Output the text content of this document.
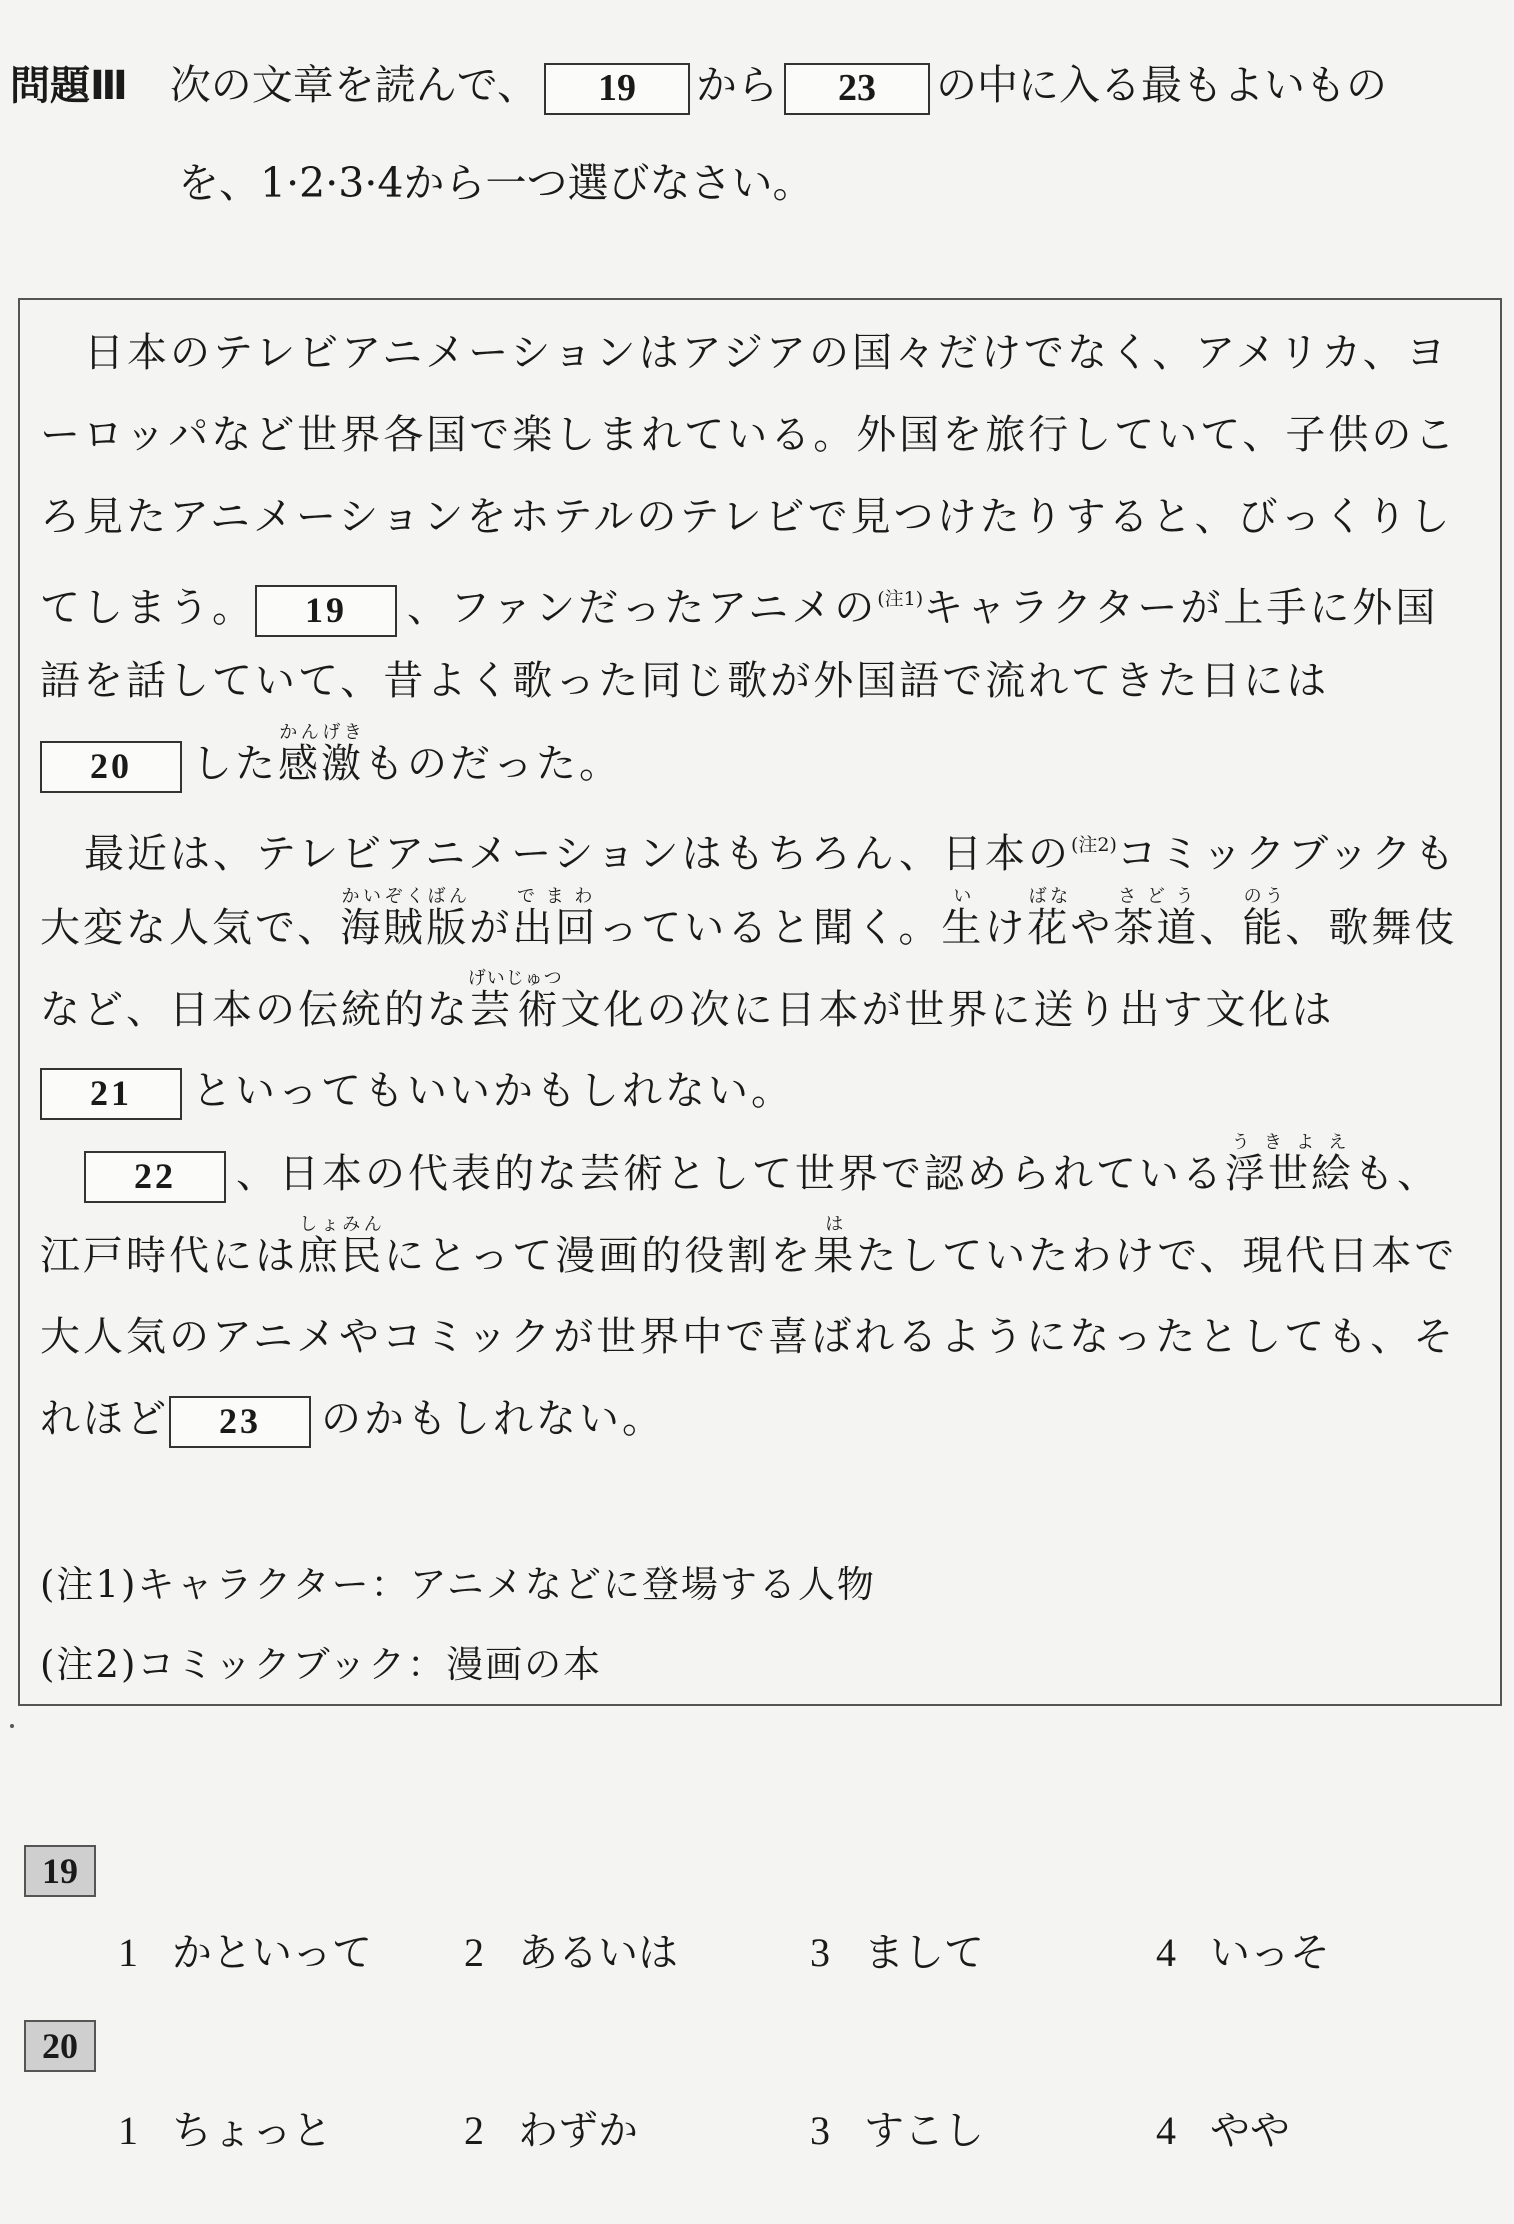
問題Ⅲ 次の文章を読んで、 19 から 23 の中に入る最もよいもの
を、1·2·3·4から一つ選びなさい。
日本のテレビアニメーションはアジアの国々だけでなく、アメリカ、ヨ
ーロッパなど世界各国で楽しまれている。外国を旅行していて、子供のこ
ろ見たアニメーションをホテルのテレビで見つけたりすると、びっくりし
てしまう。 19 、ファンだったアニメの$^{(注1)}$キャラクターが上手に外国
語を話していて、昔よく歌った同じ歌が外国語で流れてきた日には
20 した感激かんげきものだった。
最近は、テレビアニメーションはもちろん、日本の$^{(注2)}$コミックブックも
大変な人気で、海賊版かいぞくばんが出回でまわっていると聞く。生いけ花ばなや茶道さどう、能のう、歌舞伎
など、日本の伝統的な芸術げいじゅつ文化の次に日本が世界に送り出す文化は
21 といってもいいかもしれない。
22 、日本の代表的な芸術として世界で認められている浮世絵うきよえも、
江戸時代には庶民しょみんにとって漫画的役割を果はたしていたわけで、現代日本で
大人気のアニメやコミックが世界中で喜ばれるようになったとしても、そ
れほど 23 のかもしれない。
(注1)キャラクター：アニメなどに登場する人物
(注2)コミックブック：漫画の本
19
1 かといって 2 あるいは	3 まして	4 いっそ
20
1 ちょっと	2 わずか	3 すこし	4 やや
